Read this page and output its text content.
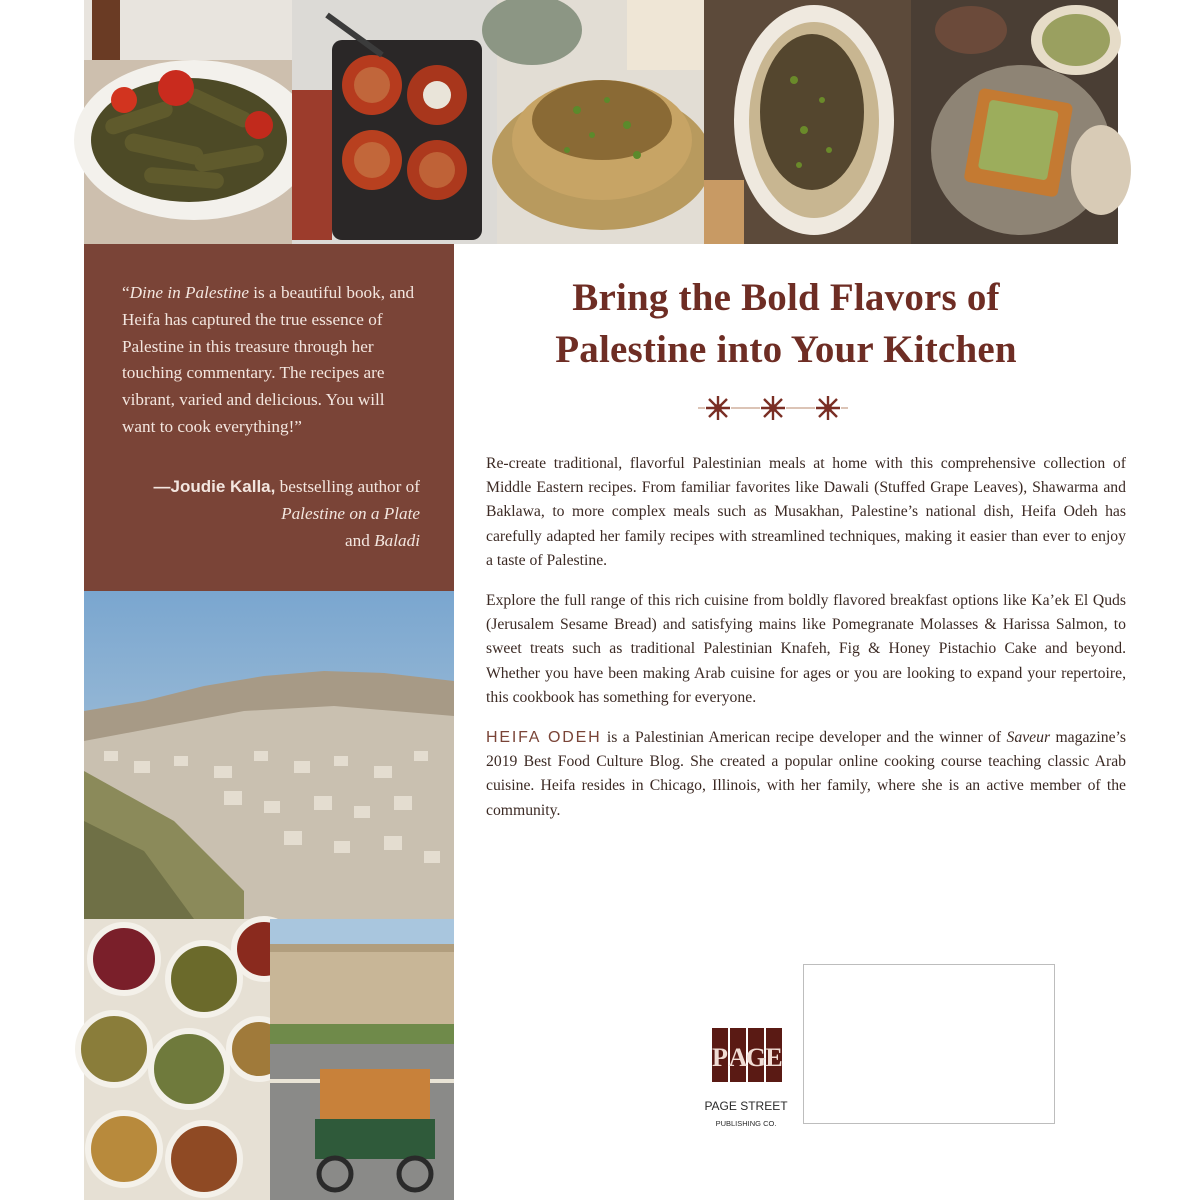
“Dine in Palestine is a beautiful book, and Heifa has captured the true essence of Palestine in this treasure through her touching commentary. The recipes are vibrant, varied and delicious. You will want to cook everything!”

—Joudie Kalla, bestselling author of Palestine on a Plate
and Baladi
Bring the Bold Flavors of
Palestine into Your Kitchen

Re-create traditional, flavorful Palestinian meals at home with this comprehensive collection of Middle Eastern recipes. From familiar favorites like Dawali (Stuffed Grape Leaves), Shawarma and Baklawa, to more complex meals such as Musakhan, Palestine’s national dish, Heifa Odeh has carefully adapted her family recipes with streamlined techniques, making it easier than ever to enjoy a taste of Palestine.

Explore the full range of this rich cuisine from boldly flavored breakfast options like Ka’ek El Quds (Jerusalem Sesame Bread) and satisfying mains like Pomegranate Molasses & Harissa Salmon, to sweet treats such as traditional Palestinian Knafeh, Fig & Honey Pistachio Cake and beyond. Whether you have been making Arab cuisine for ages or you are looking to expand your repertoire, this cookbook has something for everyone.

HEIFA ODEH is a Palestinian American recipe developer and the winner of Saveur magazine’s 2019 Best Food Culture Blog. She created a popular online cooking course teaching classic Arab cuisine. Heifa resides in Chicago, Illinois, with her family, where she is an active member of the community.

P A
G E
PAGE STREET
PUBLISHING CO.
